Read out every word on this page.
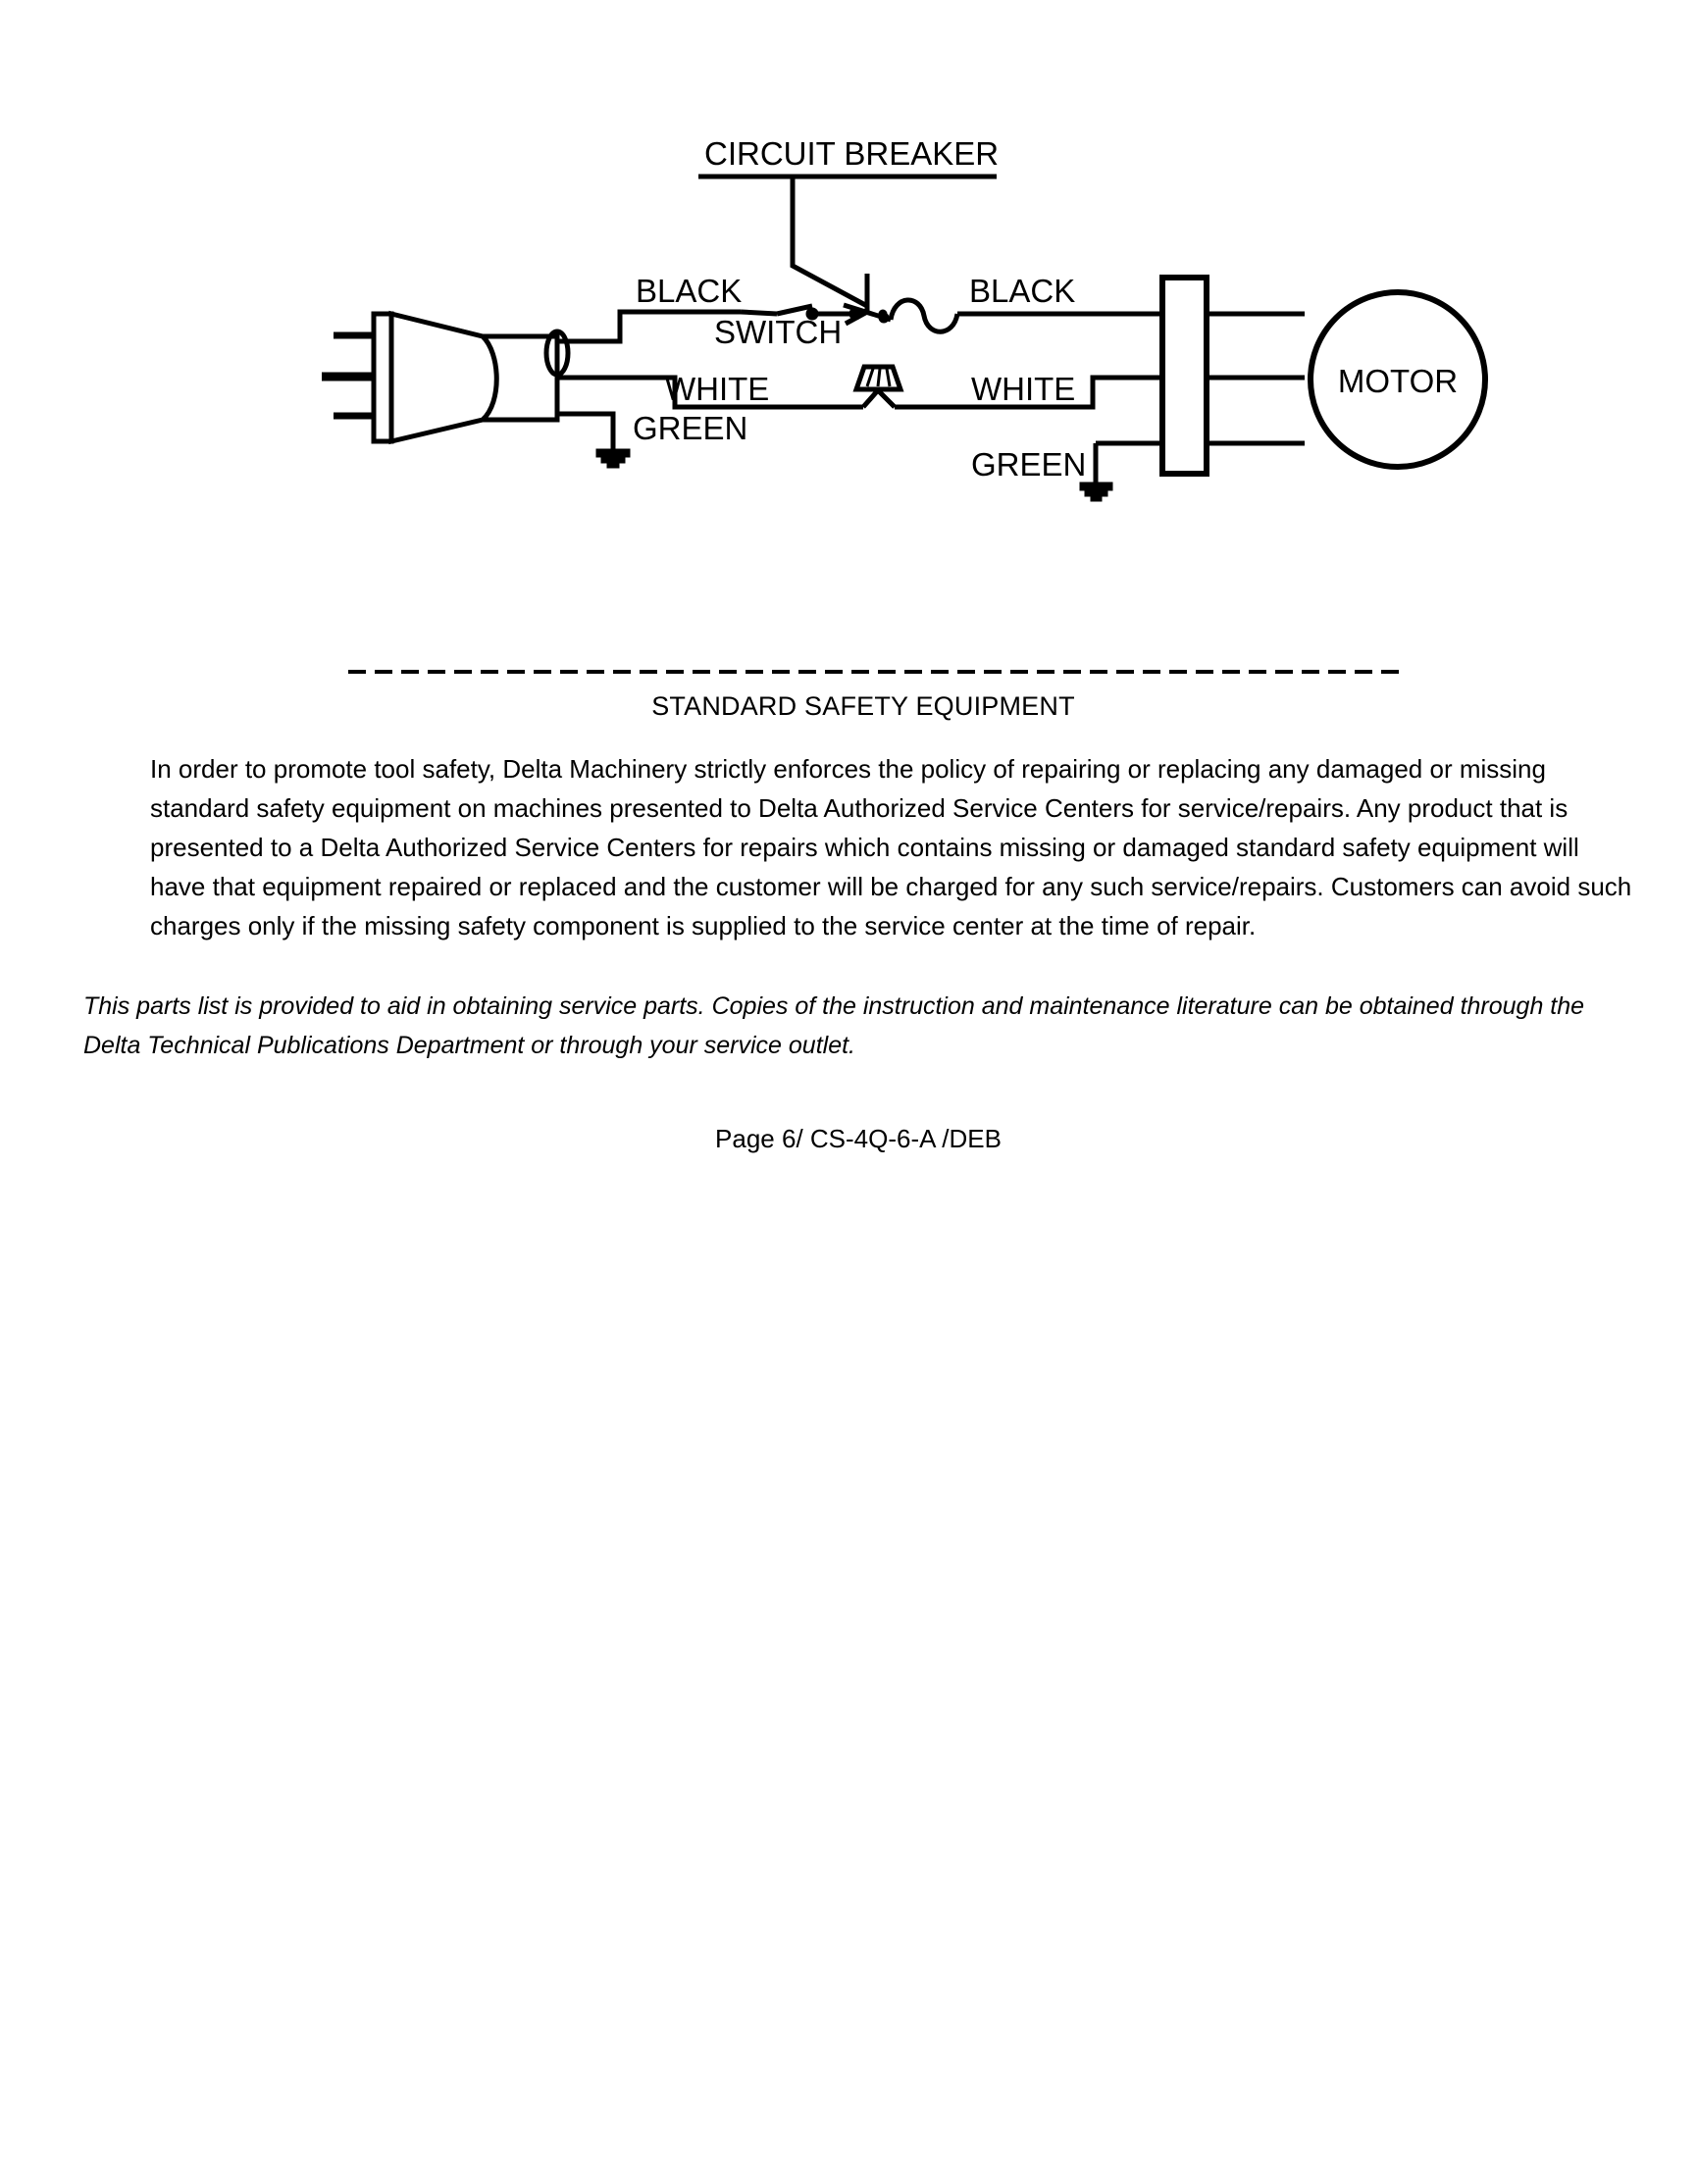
CIRCUIT BREAKER
MOTOR
BLACK	BLACK
SWITCH
WHITE	WHITE
GREEN
GREEN
STANDARD SAFETY EQUIPMENT
In order to promote tool safety, Delta Machinery strictly enforces the policy of repairing or replacing any damaged or missing
standard safety equipment on machines presented to Delta Authorized Service Centers for service/repairs. Any product that is
presented to a Delta Authorized Service Centers for repairs which contains missing or damaged standard safety equipment will
have that equipment repaired or replaced and the customer will be charged for any such service/repairs. Customers can avoid such
charges only if the missing safety component is supplied to the service center at the time of repair.
This parts list is provided to aid in obtaining service parts. Copies of the instruction and maintenance literature can be obtained through the
Delta Technical Publications Department or through your service outlet.
Page 6/ CS-4Q-6-A /DEB
